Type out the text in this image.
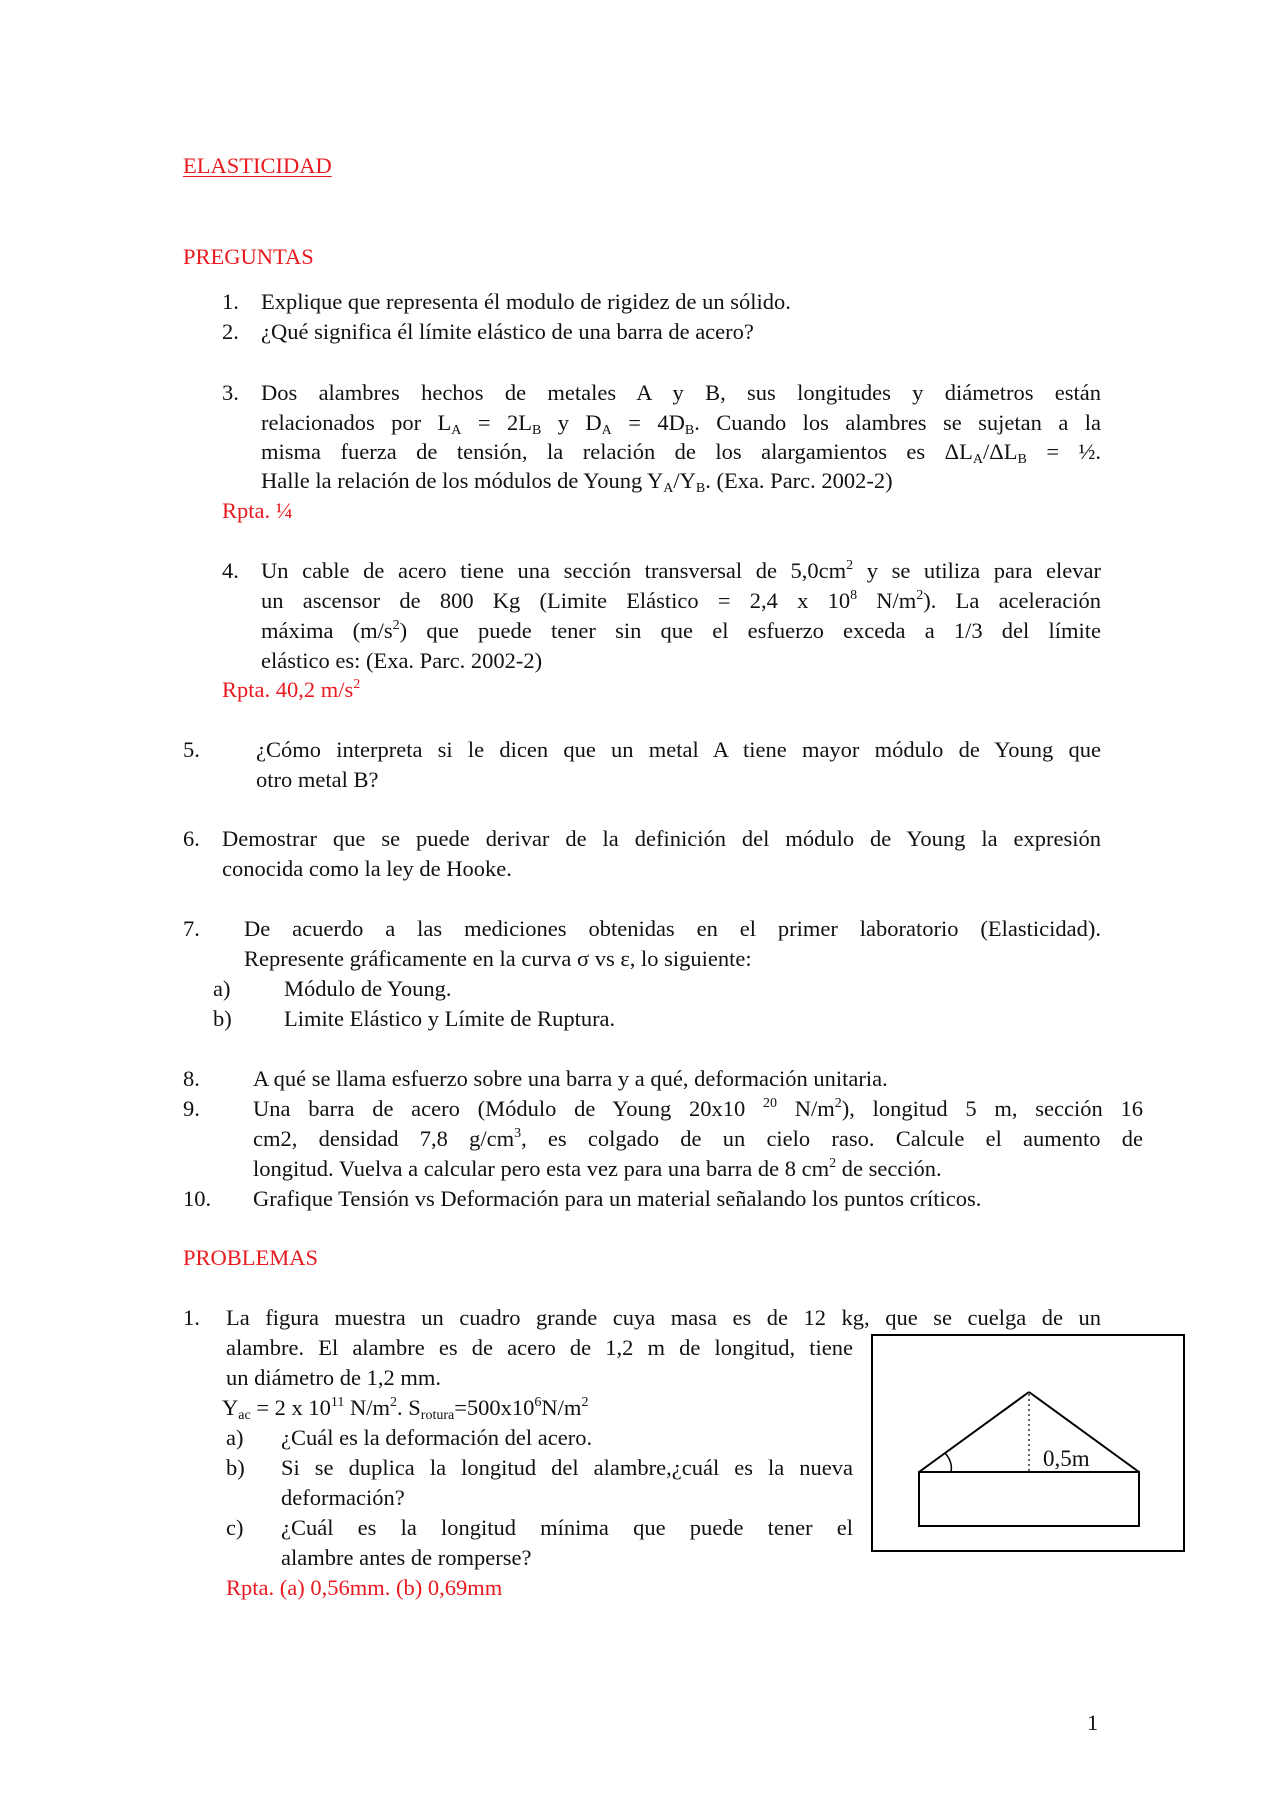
ELASTICIDAD
PREGUNTAS
1. Explique que representa él modulo de rigidez de un sólido.
2. ¿Qué significa él límite elástico de una barra de acero?
3. Dos alambres hechos de metales A y B, sus longitudes y diámetros están
relacionados por $L_A = 2L_B$ y $D_A = 4D_B$. Cuando los alambres se sujetan a la
misma fuerza de tensión, la relación de los alargamientos es $\Delta L_A/\Delta L_B$ = ½.
Halle la relación de los módulos de Young $Y_A/Y_B$. (Exa. Parc. 2002-2)
Rpta. ¼
4. Un cable de acero tiene una sección transversal de $5,0cm^2$ y se utiliza para elevar
un ascensor de 800 Kg (Limite Elástico = 2,4 x $10^8$ $N/m^2$). La aceleración
máxima $(m/s^2)$ que puede tener sin que el esfuerzo exceda a 1/3 del límite
elástico es: (Exa. Parc. 2002-2)
Rpta. 40,2 $m/s^2$
5. ¿Cómo interpreta si le dicen que un metal A tiene mayor módulo de Young que
otro metal B?
6. Demostrar que se puede derivar de la definición del módulo de Young la expresión
conocida como la ley de Hooke.
7. De acuerdo a las mediciones obtenidas en el primer laboratorio (Elasticidad).
Represente gráficamente en la curva σ vs ε, lo siguiente:
a) Módulo de Young.
b) Limite Elástico y Límite de Ruptura.
8. A qué se llama esfuerzo sobre una barra y a qué, deformación unitaria.
9. Una barra de acero (Módulo de Young 20x10 $^{20}$ $N/m^2$), longitud 5 m, sección 16
cm2, densidad 7,8 $g/cm^3$, es colgado de un cielo raso. Calcule el aumento de
longitud. Vuelva a calcular pero esta vez para una barra de 8 $cm^2$ de sección.
10. Grafique Tensión vs Deformación para un material señalando los puntos críticos.
PROBLEMAS
1. La figura muestra un cuadro grande cuya masa es de 12 kg, que se cuelga de un
alambre. El alambre es de acero de 1,2 m de longitud, tiene
un diámetro de 1,2 mm.
$Y_{ac} = 2$ x $10^{11}$ $N/m^2$. $S_{rotura}=500x10^6N/m^2$
a) ¿Cuál es la deformación del acero.
b) Si se duplica la longitud del alambre,¿cuál es la nueva
deformación?
c) ¿Cuál es la longitud mínima que puede tener el
alambre antes de romperse?
Rpta. (a) 0,56mm. (b) 0,69mm
0,5m
1
